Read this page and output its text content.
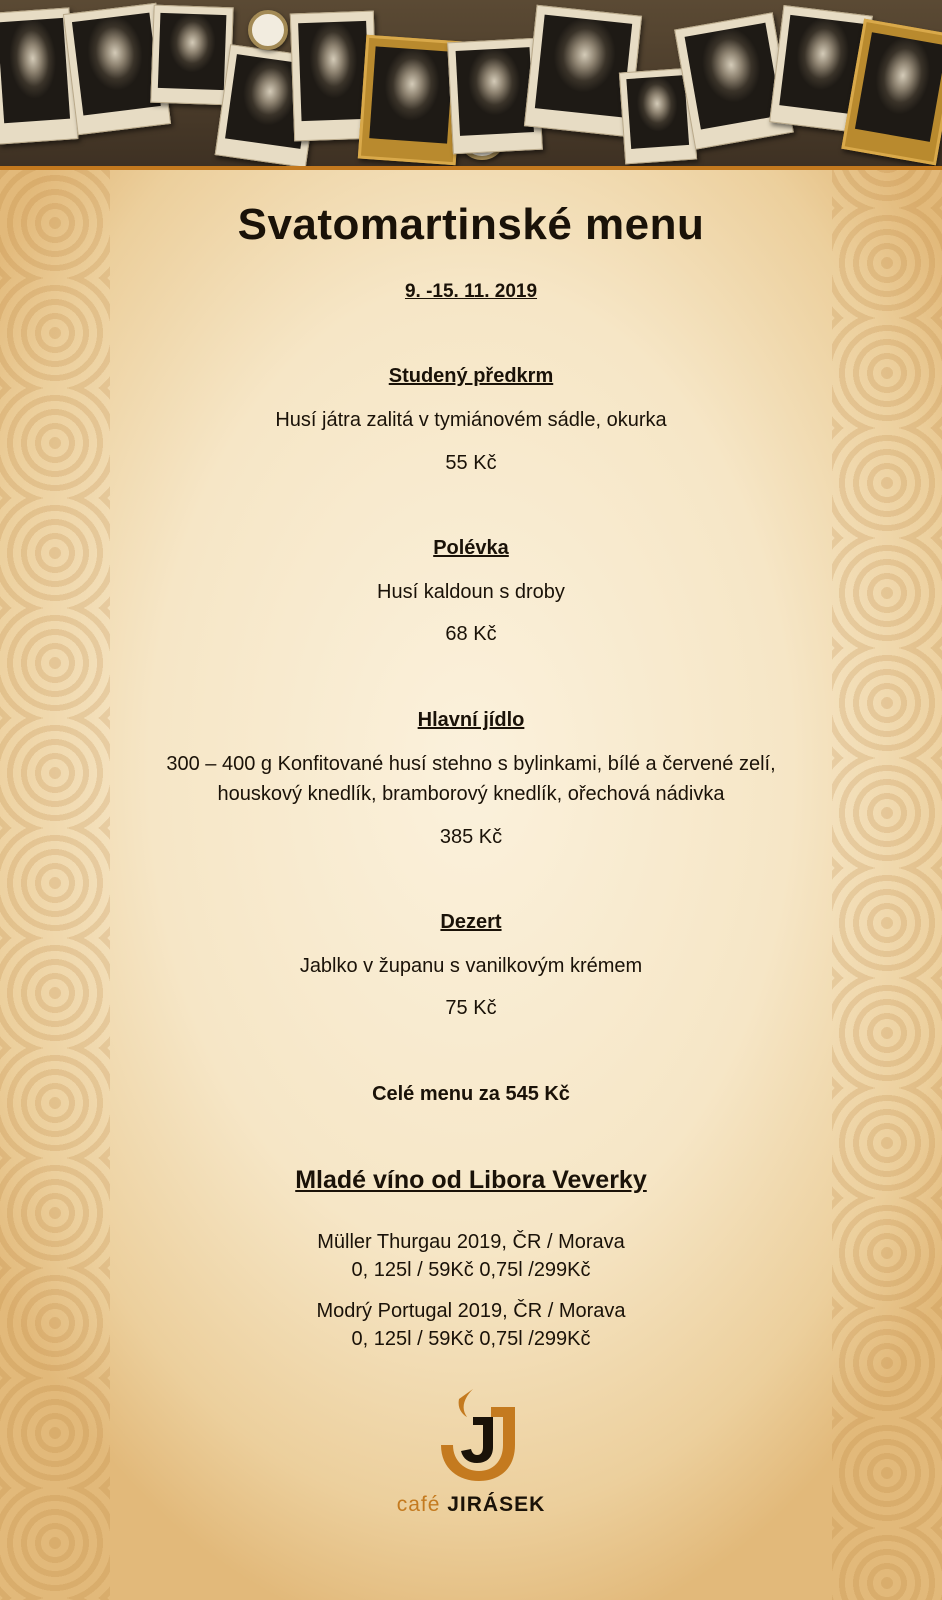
Svatomartinské menu
9. -15. 11. 2019
Studený předkrm
Husí játra zalitá v tymiánovém sádle, okurka
55 Kč
Polévka
Husí kaldoun s droby
68 Kč
Hlavní jídlo
300 – 400 g Konfitované husí stehno s bylinkami, bílé a červené zelí,
houskový knedlík, bramborový knedlík, ořechová nádivka
385 Kč
Dezert
Jablko v županu s vanilkovým krémem
75 Kč
Celé menu za 545 Kč
Mladé víno od Libora Veverky
Müller Thurgau 2019, ČR / Morava
0, 125l / 59Kč 0,75l /299Kč
Modrý Portugal 2019, ČR / Morava
0, 125l / 59Kč 0,75l /299Kč
café JIRÁSEK
